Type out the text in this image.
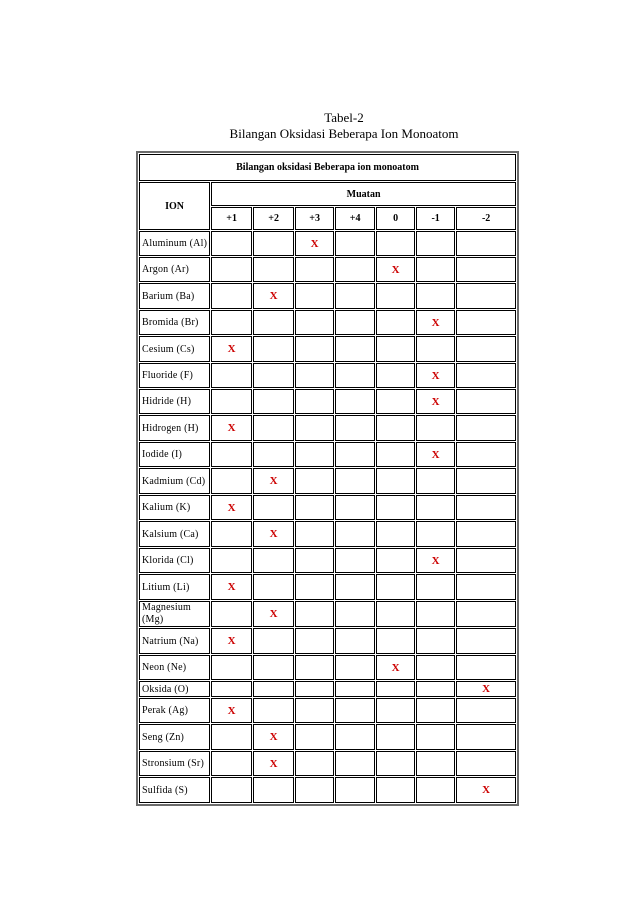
Tabel-2
Bilangan Oksidasi Beberapa Ion Monoatom
Bilangan oksidasi Beberapa ion monoatom							
ION	Muatan						
	+1	+2	+3	+4	0	-1	-2
Aluminum (Al)			X				
Argon (Ar)					X		
Barium (Ba)		X					
Bromida (Br)						X	
Cesium (Cs)	X						
Fluoride (F)						X	
Hidride (H)						X	
Hidrogen (H)	X						
Iodide (I)						X	
Kadmium (Cd)		X					
Kalium (K)	X						
Kalsium (Ca)		X					
Klorida (Cl)						X	
Litium (Li)	X						
Magnesium (Mg)		X					
Natrium (Na)	X						
Neon (Ne)					X		
Oksida (O)							X
Perak (Ag)	X						
Seng (Zn)		X					
Stronsium (Sr)		X					
Sulfida (S)							X
